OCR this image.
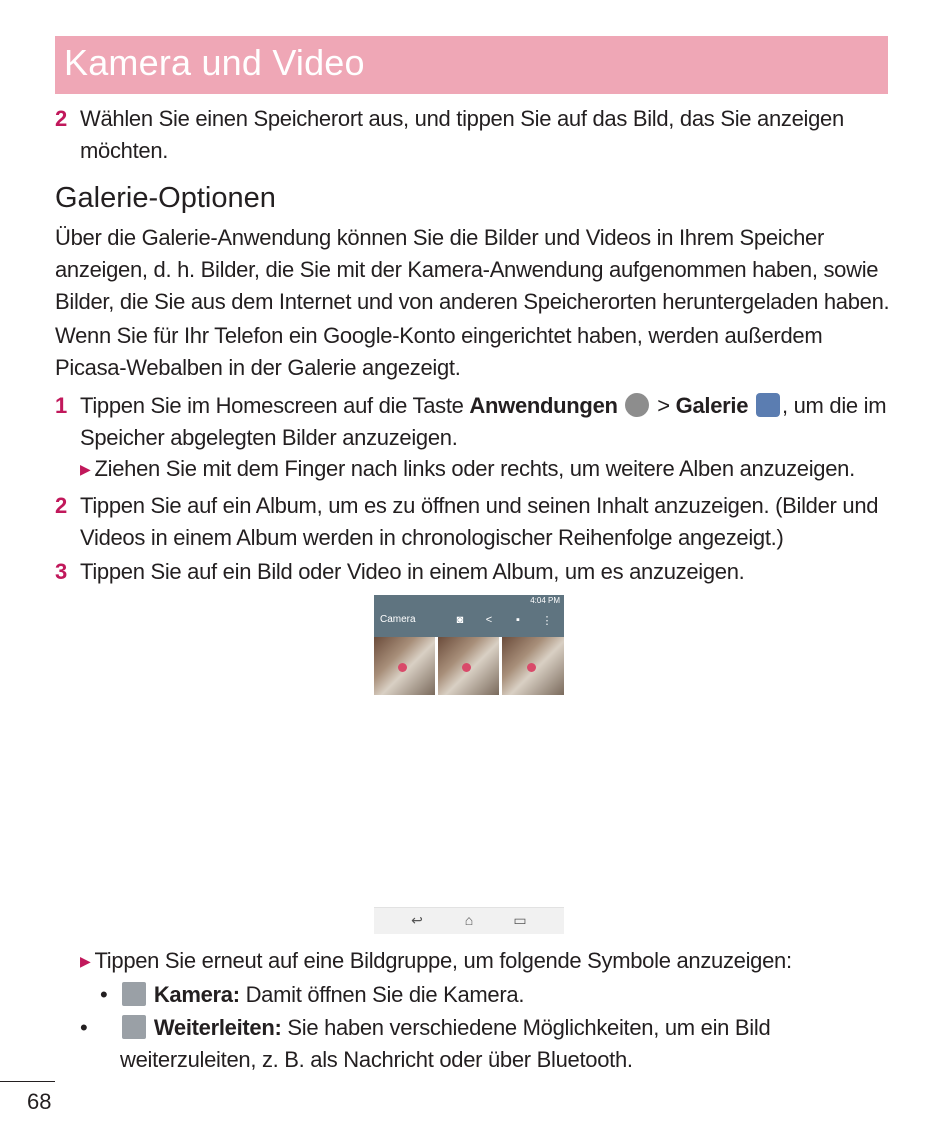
Kamera und Video
2 Wählen Sie einen Speicherort aus, und tippen Sie auf das Bild, das Sie anzeigen möchten.
Galerie-Optionen
Über die Galerie-Anwendung können Sie die Bilder und Videos in Ihrem Speicher anzeigen, d. h. Bilder, die Sie mit der Kamera-Anwendung aufgenommen haben, sowie Bilder, die Sie aus dem Internet und von anderen Speicherorten heruntergeladen haben.
Wenn Sie für Ihr Telefon ein Google-Konto eingerichtet haben, werden außerdem Picasa-Webalben in der Galerie angezeigt.
1 Tippen Sie im Homescreen auf die Taste Anwendungen  > Galerie , um die im Speicher abgelegten Bilder anzuzeigen.
▶ Ziehen Sie mit dem Finger nach links oder rechts, um weitere Alben anzuzeigen.
2 Tippen Sie auf ein Album, um es zu öffnen und seinen Inhalt anzuzeigen. (Bilder und Videos in einem Album werden in chronologischer Reihenfolge angezeigt.)
3 Tippen Sie auf ein Bild oder Video in einem Album, um es anzuzeigen.
4:04 PM
Camera	◙ <	▪	⋮
↩	⌂	▭
▶ Tippen Sie erneut auf eine Bildgruppe, um folgende Symbole anzuzeigen:
• Kamera: Damit öffnen Sie die Kamera.
•	Weiterleiten: Sie haben verschiedene Möglichkeiten, um ein Bild weiterzuleiten, z. B. als Nachricht oder über Bluetooth.
68
